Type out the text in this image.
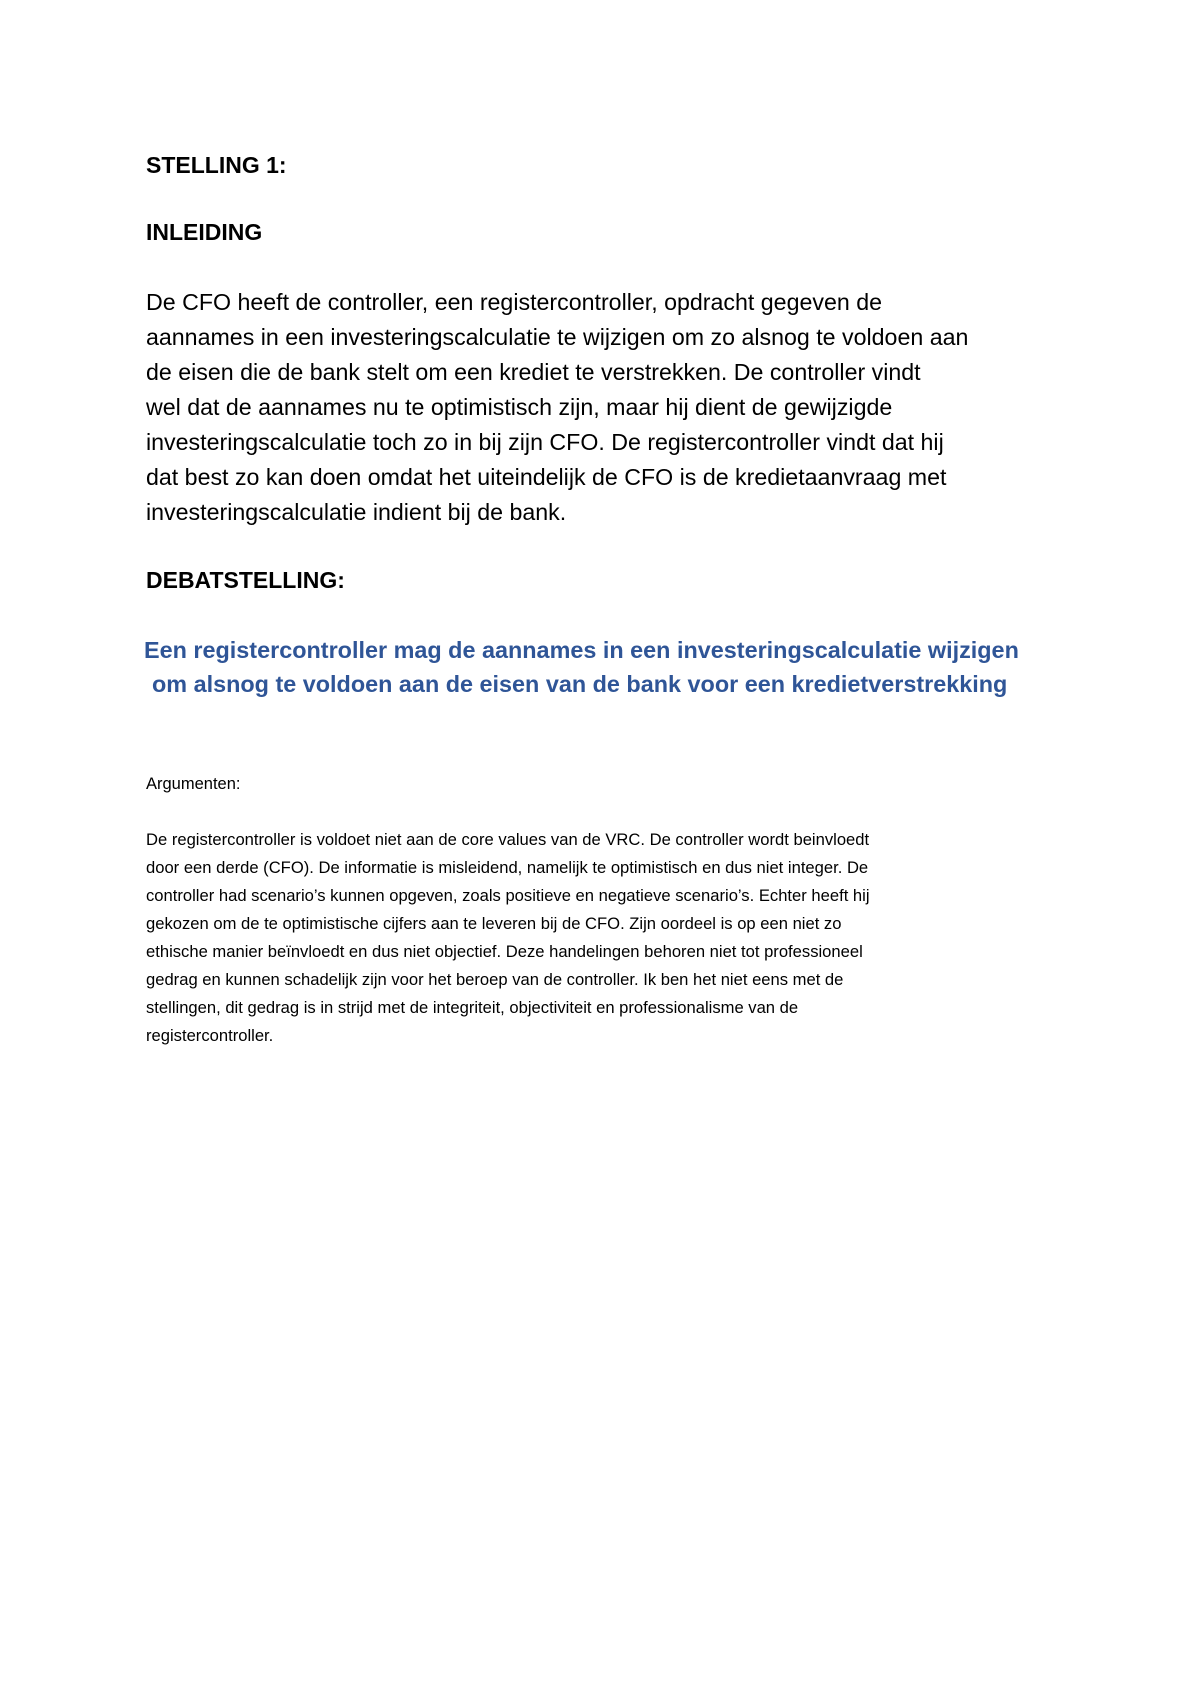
STELLING 1:
INLEIDING

De CFO heeft de controller, een registercontroller, opdracht gegeven de
aannames in een investeringscalculatie te wijzigen om zo alsnog te voldoen aan
de eisen die de bank stelt om een krediet te verstrekken. De controller vindt
wel dat de aannames nu te optimistisch zijn, maar hij dient de gewijzigde
investeringscalculatie toch zo in bij zijn CFO. De registercontroller vindt dat hij
dat best zo kan doen omdat het uiteindelijk de CFO is de kredietaanvraag met
investeringscalculatie indient bij de bank.

DEBATSTELLING:

Een registercontroller mag de aannames in een investeringscalculatie wijzigen
om alsnog te voldoen aan de eisen van de bank voor een kredietverstrekking

Argumenten:

De registercontroller is voldoet niet aan de core values van de VRC. De controller wordt beinvloedt
door een derde (CFO). De informatie is misleidend, namelijk te optimistisch en dus niet integer. De
controller had scenario’s kunnen opgeven, zoals positieve en negatieve scenario’s. Echter heeft hij
gekozen om de te optimistische cijfers aan te leveren bij de CFO. Zijn oordeel is op een niet zo
ethische manier beïnvloedt en dus niet objectief. Deze handelingen behoren niet tot professioneel
gedrag en kunnen schadelijk zijn voor het beroep van de controller. Ik ben het niet eens met de
stellingen, dit gedrag is in strijd met de integriteit, objectiviteit en professionalisme van de
registercontroller.
